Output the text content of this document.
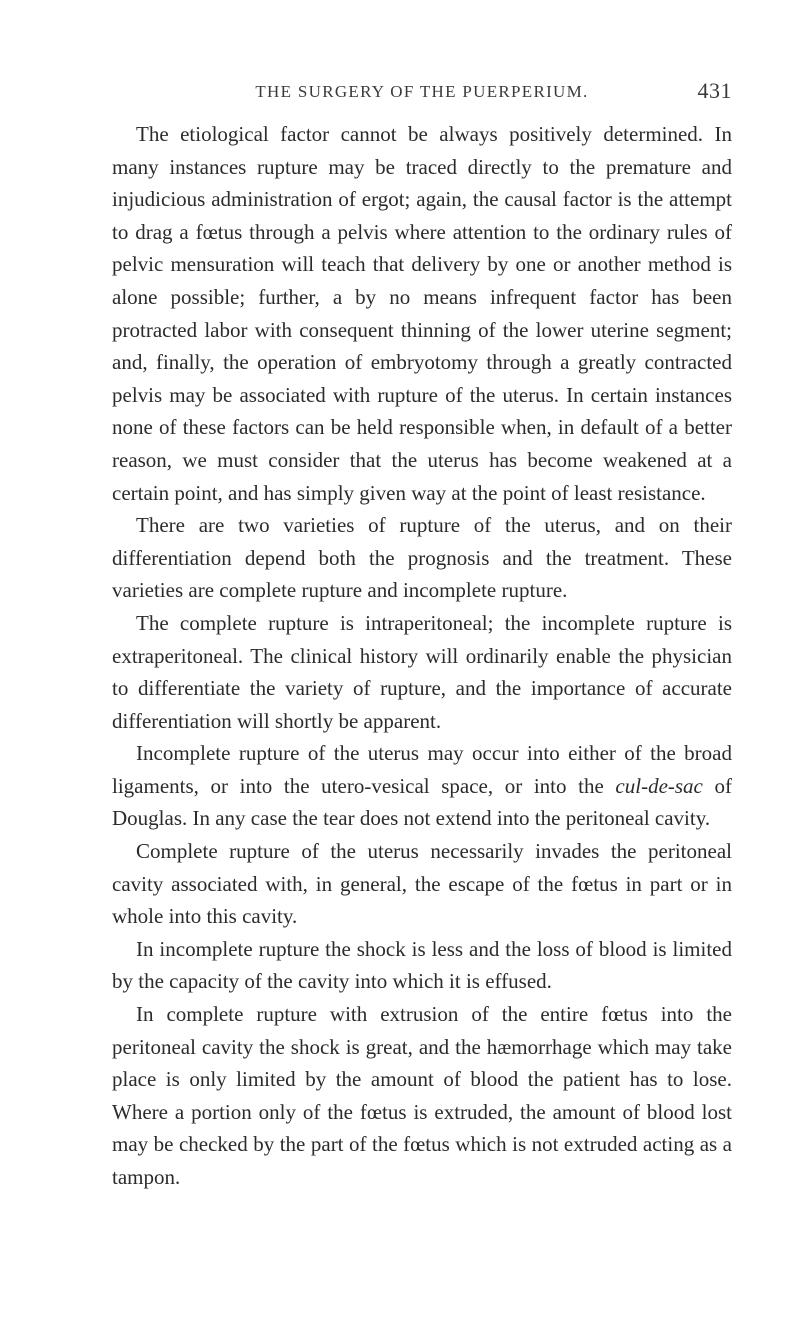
THE SURGERY OF THE PUERPERIUM.	431

The etiological factor cannot be always positively determined. In many instances rupture may be traced directly to the premature and injudicious administration of ergot; again, the causal factor is the attempt to drag a fœtus through a pelvis where attention to the ordinary rules of pelvic mensuration will teach that delivery by one or another method is alone possible; further, a by no means infrequent factor has been protracted labor with consequent thinning of the lower uterine segment; and, finally, the operation of embryotomy through a greatly contracted pelvis may be associated with rupture of the uterus. In certain instances none of these factors can be held responsible when, in default of a better reason, we must consider that the uterus has become weakened at a certain point, and has simply given way at the point of least resistance.

There are two varieties of rupture of the uterus, and on their differentiation depend both the prognosis and the treatment. These varieties are complete rupture and incomplete rupture.

The complete rupture is intraperitoneal; the incomplete rupture is extraperitoneal. The clinical history will ordinarily enable the physician to differentiate the variety of rupture, and the importance of accurate differentiation will shortly be apparent.

Incomplete rupture of the uterus may occur into either of the broad ligaments, or into the utero-vesical space, or into the cul-de-sac of Douglas. In any case the tear does not extend into the peritoneal cavity.

Complete rupture of the uterus necessarily invades the peritoneal cavity associated with, in general, the escape of the fœtus in part or in whole into this cavity.

In incomplete rupture the shock is less and the loss of blood is limited by the capacity of the cavity into which it is effused.

In complete rupture with extrusion of the entire fœtus into the peritoneal cavity the shock is great, and the hæmorrhage which may take place is only limited by the amount of blood the patient has to lose. Where a portion only of the fœtus is extruded, the amount of blood lost may be checked by the part of the fœtus which is not extruded acting as a tampon.
